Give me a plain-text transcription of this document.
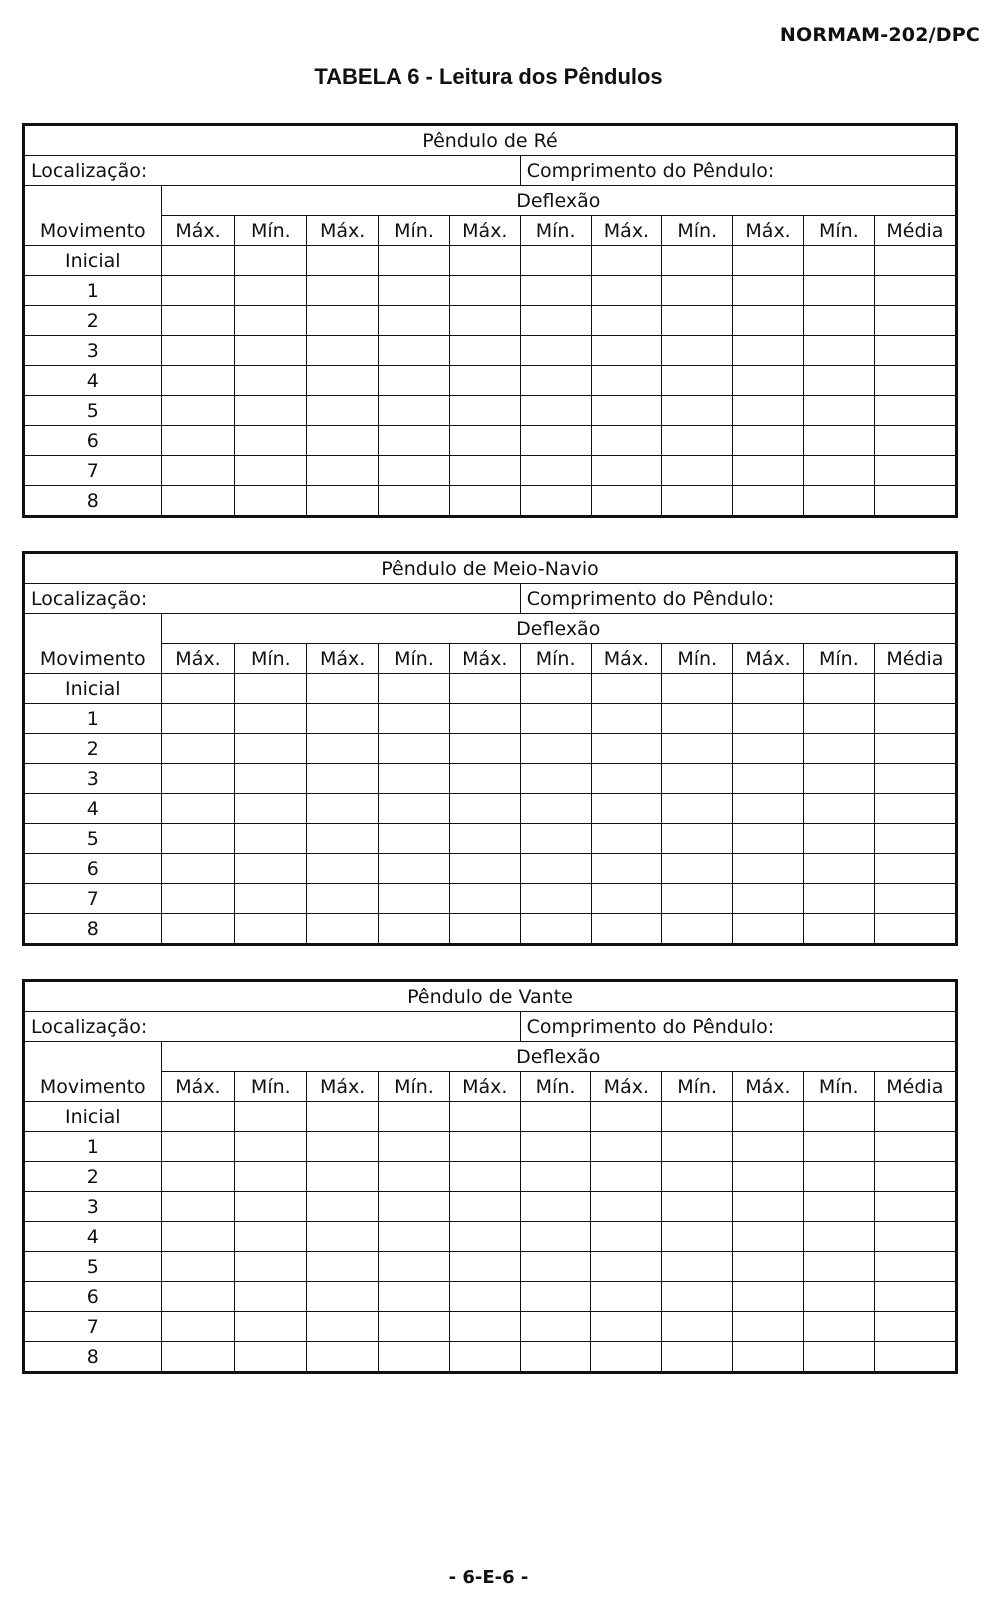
NORMAM-202/DPC
TABELA 6 - Leitura dos Pêndulos
Pêndulo de Ré											
Localização:						Comprimento do Pêndulo:					
Movimento	Deflexão										
	Máx.	Mín.	Máx.	Mín.	Máx.	Mín.	Máx.	Mín.	Máx.	Mín.	Média
Inicial											
1											
2											
3											
4											
5											
6											
7											
8											
Pêndulo de Meio-Navio											
Localização:						Comprimento do Pêndulo:					
Movimento	Deflexão										
	Máx.	Mín.	Máx.	Mín.	Máx.	Mín.	Máx.	Mín.	Máx.	Mín.	Média
Inicial											
1											
2											
3											
4											
5											
6											
7											
8											
Pêndulo de Vante											
Localização:						Comprimento do Pêndulo:					
Movimento	Deflexão										
	Máx.	Mín.	Máx.	Mín.	Máx.	Mín.	Máx.	Mín.	Máx.	Mín.	Média
Inicial											
1											
2											
3											
4											
5											
6											
7											
8											
- 6-E-6 -
